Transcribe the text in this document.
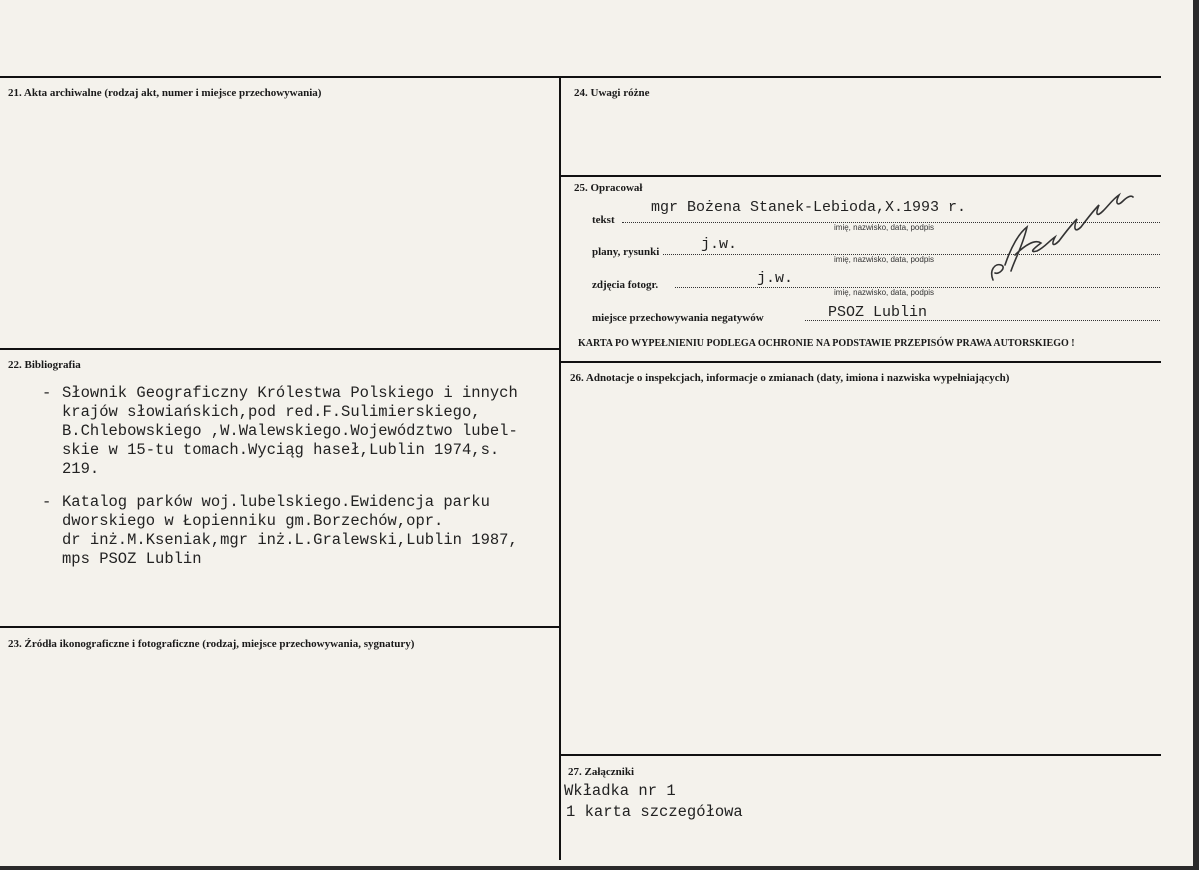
21. Akta archiwalne (rodzaj akt, numer i miejsce przechowywania)
22. Bibliografia
- Słownik Geograficzny Królestwa Polskiego i innych
krajów słowiańskich,pod red.F.Sulimierskiego,
B.Chlebowskiego ,W.Walewskiego.Województwo lubel-
skie w 15-tu tomach.Wyciąg haseł,Lublin 1974,s.
219.
- Katalog parków woj.lubelskiego.Ewidencja parku
dworskiego w Łopienniku gm.Borzechów,opr.
dr inż.M.Kseniak,mgr inż.L.Gralewski,Lublin 1987,
mps PSOZ Lublin
23. Źródła ikonograficzne i fotograficzne (rodzaj, miejsce przechowywania, sygnatury)
24. Uwagi różne
25. Opracował
tekst
mgr Bożena Stanek-Lebioda,X.1993 r.
imię, nazwisko, data, podpis
plany, rysunki	j.w.
imię, nazwisko, data, podpis
zdjęcia fotogr.	j.w.
imię, nazwisko, data, podpis
miejsce przechowywania negatywów	PSOZ Lublin
KARTA PO WYPEŁNIENIU PODLEGA OCHRONIE NA PODSTAWIE PRZEPISÓW PRAWA AUTORSKIEGO !
26. Adnotacje o inspekcjach, informacje o zmianach (daty, imiona i nazwiska wypełniających)
27. Załączniki
Wkładka nr 1
1 karta szczegółowa
